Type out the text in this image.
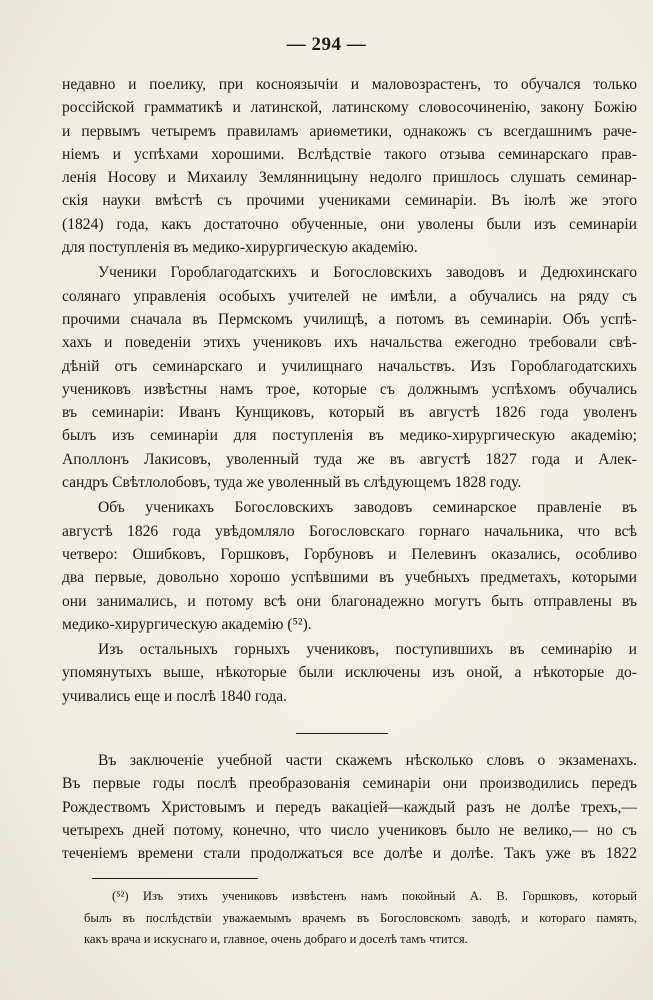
— 294 —
недавно и поелику, при косноязычіи и маловозрастенъ, то обучался только
россійской грамматикѣ и латинской, латинскому словосочиненію, закону Божію
и первымъ четыремъ правиламъ ариѳметики, однакожъ съ всегдашнимъ раче-
ніемъ и успѣхами хорошими. Вслѣдствіе такого отзыва семинарскаго прав-
ленія Носову и Михаилу Землянницыну недолго пришлось слушать семинар-
скія науки вмѣстѣ съ прочими учениками семинаріи. Въ іюлѣ же этого
(1824) года, какъ достаточно обученные, они уволены были изъ семинаріи
для поступленія въ медико-хирургическую академію.
Ученики Гороблагодатскихъ и Богословскихъ заводовъ и Дедюхинскаго
солянаго управленія особыхъ учителей не имѣли, а обучались на ряду съ
прочими сначала въ Пермскомъ училищѣ, а потомъ въ семинаріи. Объ успѣ-
хахъ и поведеніи этихъ учениковъ ихъ начальства ежегодно требовали свѣ-
дѣній отъ семинарскаго и училищнаго начальствъ. Изъ Гороблагодатскихъ
учениковъ извѣстны намъ трое, которые съ должнымъ успѣхомъ обучались
въ семинаріи: Иванъ Кунщиковъ, который въ августѣ 1826 года уволенъ
былъ изъ семинаріи для поступленія въ медико-хирургическую академію;
Аполлонъ Лакисовъ, уволенный туда же въ августѣ 1827 года и Алек-
сандръ Свѣтлолобовъ, туда же уволенный въ слѣдующемъ 1828 году.
Объ ученикахъ Богословскихъ заводовъ семинарское правленіе въ
августѣ 1826 года увѣдомляло Богословскаго горнаго начальника, что всѣ
четверо: Ошибковъ, Горшковъ, Горбуновъ и Пелевинъ оказались, особливо
два первые, довольно хорошо успѣвшими въ учебныхъ предметахъ, которыми
они занимались, и потому всѣ они благонадежно могутъ быть отправлены въ
медико-хирургическую академію (⁵²).
Изъ остальныхъ горныхъ учениковъ, поступившихъ въ семинарію и
упомянутыхъ выше, нѣкоторые были исключены изъ оной, а нѣкоторые до-
учивались еще и послѣ 1840 года.
Въ заключеніе учебной части скажемъ нѣсколько словъ о экзаменахъ.
Въ первые годы послѣ преобразованія семинаріи они производились передъ
Рождествомъ Христовымъ и передъ вакаціей—каждый разъ не долѣе трехъ,—
четырехъ дней потому, конечно, что число учениковъ было не велико,— но съ
теченіемъ времени стали продолжаться все долѣе и долѣе. Такъ уже въ 1822
(⁵²) Изъ этихъ учениковъ извѣстенъ намъ покойный А. В. Горшковъ, который
былъ въ послѣдствіи уважаемымъ врачемъ въ Богословскомъ заводѣ, и котораго память,
какъ врача и искуснаго и, главное, очень добраго и доселѣ тамъ чтится.
